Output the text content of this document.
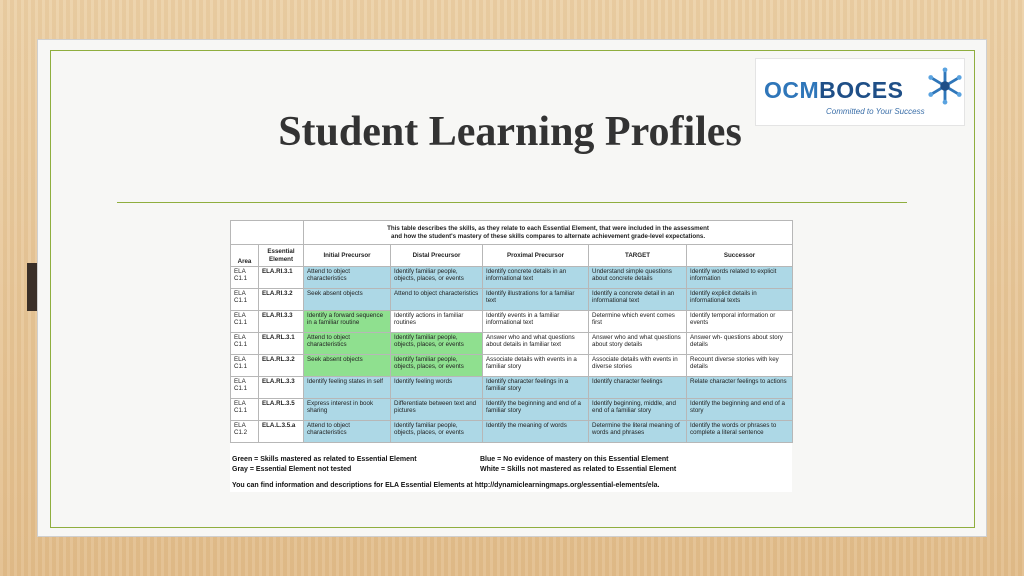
OCMBOCES
Committed to Your Success
Student Learning Profiles
		This table describes the skills, as they relate to each Essential Element, that were included in the assessment
and how the student's mastery of these skills compares to alternate achievement grade-level expectations.				
Area	Essential Element	Initial Precursor	Distal Precursor	Proximal Precursor	TARGET	Successor
ELA C1.1	ELA.RI.3.1	Attend to object characteristics	Identify familiar people, objects, places, or events	Identify concrete details in an informational text	Understand simple questions about concrete details	Identify words related to explicit information
ELA C1.1	ELA.RI.3.2	Seek absent objects	Attend to object characteristics	Identify illustrations for a familiar text	Identify a concrete detail in an informational text	Identify explicit details in informational texts
ELA C1.1	ELA.RI.3.3	Identify a forward sequence in a familiar routine	Identify actions in familiar routines	Identify events in a familiar informational text	Determine which event comes first	Identify temporal information or events
ELA C1.1	ELA.RL.3.1	Attend to object characteristics	Identify familiar people, objects, places, or events	Answer who and what questions about details in familiar text	Answer who and what questions about story details	Answer wh- questions about story details
ELA C1.1	ELA.RL.3.2	Seek absent objects	Identify familiar people, objects, places, or events	Associate details with events in a familiar story	Associate details with events in diverse stories	Recount diverse stories with key details
ELA C1.1	ELA.RL.3.3	Identify feeling states in self	Identify feeling words	Identify character feelings in a familiar story	Identify character feelings	Relate character feelings to actions
ELA C1.1	ELA.RL.3.5	Express interest in book sharing	Differentiate between text and pictures	Identify the beginning and end of a familiar story	Identify beginning, middle, and end of a familiar story	Identify the beginning and end of a story
ELA C1.2	ELA.L.3.5.a	Attend to object characteristics	Identify familiar people, objects, places, or events	Identify the meaning of words	Determine the literal meaning of words and phrases	Identify the words or phrases to complete a literal sentence
Green = Skills mastered as related to Essential Element	Blue = No evidence of mastery on this Essential Element
Gray = Essential Element not tested	White = Skills not mastered as related to Essential Element
You can find information and descriptions for ELA Essential Elements at http://dynamiclearningmaps.org/essential-elements/ela.
